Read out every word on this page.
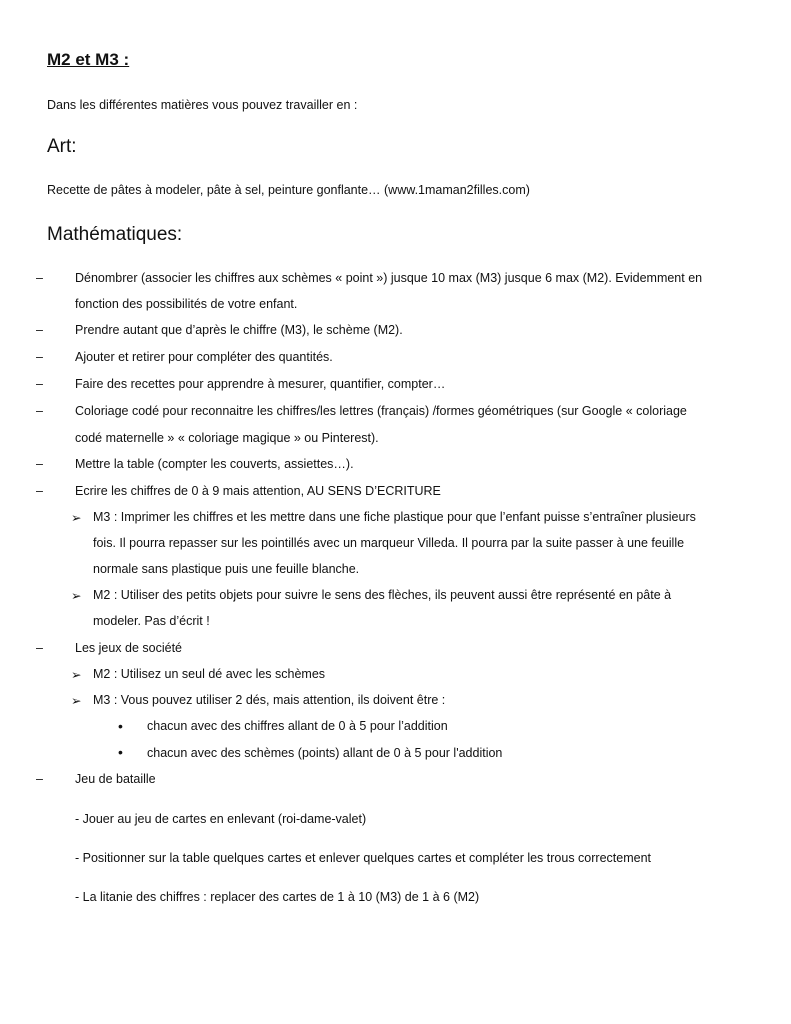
M2 et M3 :
Dans les différentes matières vous pouvez travailler en :
Art:
Recette de pâtes à modeler, pâte à sel, peinture gonflante… (www.1maman2filles.com)
Mathématiques:
–
–
–
–
–
–
–
–
–
➢
➢
➢
➢
•
•
Dénombrer (associer les chiffres aux schèmes « point ») jusque 10 max (M3) jusque 6 max (M2). Evidemment en
fonction des possibilités de votre enfant.
Prendre autant que d’après le chiffre (M3), le schème (M2).
Ajouter et retirer pour compléter des quantités.
Faire des recettes pour apprendre à mesurer, quantifier, compter…
Coloriage codé pour reconnaitre les chiffres/les lettres (français) /formes géométriques (sur Google « coloriage
codé maternelle » « coloriage magique » ou Pinterest).
Mettre la table (compter les couverts, assiettes…).
Ecrire les chiffres de 0 à 9 mais attention, AU SENS D’ECRITURE
M3 : Imprimer les chiffres et les mettre dans une fiche plastique pour que l’enfant puisse s’entraîner plusieurs
fois. Il pourra repasser sur les pointillés avec un marqueur Villeda. Il pourra par la suite passer à une feuille
normale sans plastique puis une feuille blanche.
M2 : Utiliser des petits objets pour suivre le sens des flèches, ils peuvent aussi être représenté en pâte à
modeler. Pas d’écrit !
Les jeux de société
M2 : Utilisez un seul dé avec les schèmes
M3 : Vous pouvez utiliser 2 dés, mais attention, ils doivent être :
chacun avec des chiffres allant de 0 à 5 pour l’addition
chacun avec des schèmes (points) allant de 0 à 5 pour l'addition
Jeu de bataille
- Jouer au jeu de cartes en enlevant (roi-dame-valet)
- Positionner sur la table quelques cartes et enlever quelques cartes et compléter les trous correctement
- La litanie des chiffres : replacer des cartes de 1 à 10 (M3) de 1 à 6 (M2)
